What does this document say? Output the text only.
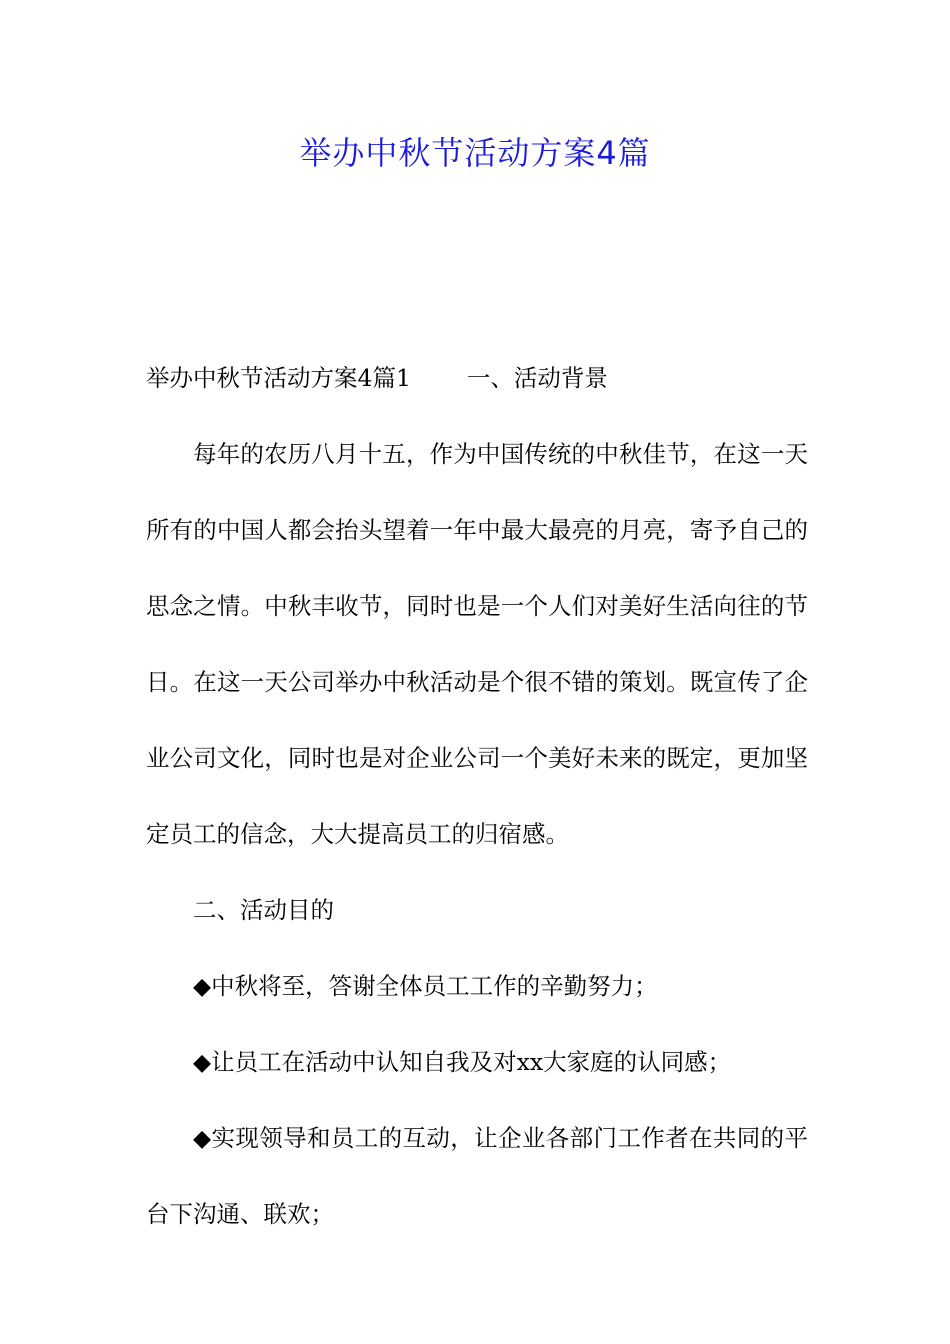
举办中秋节活动方案4篇

举办中秋节活动方案4篇1 一、活动背景

每年的农历八月十五，作为中国传统的中秋佳节，在这一天所有的中国人都会抬头望着一年中最大最亮的月亮，寄予自己的思念之情。中秋丰收节，同时也是一个人们对美好生活向往的节日。在这一天公司举办中秋活动是个很不错的策划。既宣传了企业公司文化，同时也是对企业公司一个美好未来的既定，更加坚定员工的信念，大大提高员工的归宿感。

二、活动目的

◆中秋将至，答谢全体员工工作的辛勤努力；

◆让员工在活动中认知自我及对xx大家庭的认同感；

◆实现领导和员工的互动，让企业各部门工作者在共同的平台下沟通、联欢；
